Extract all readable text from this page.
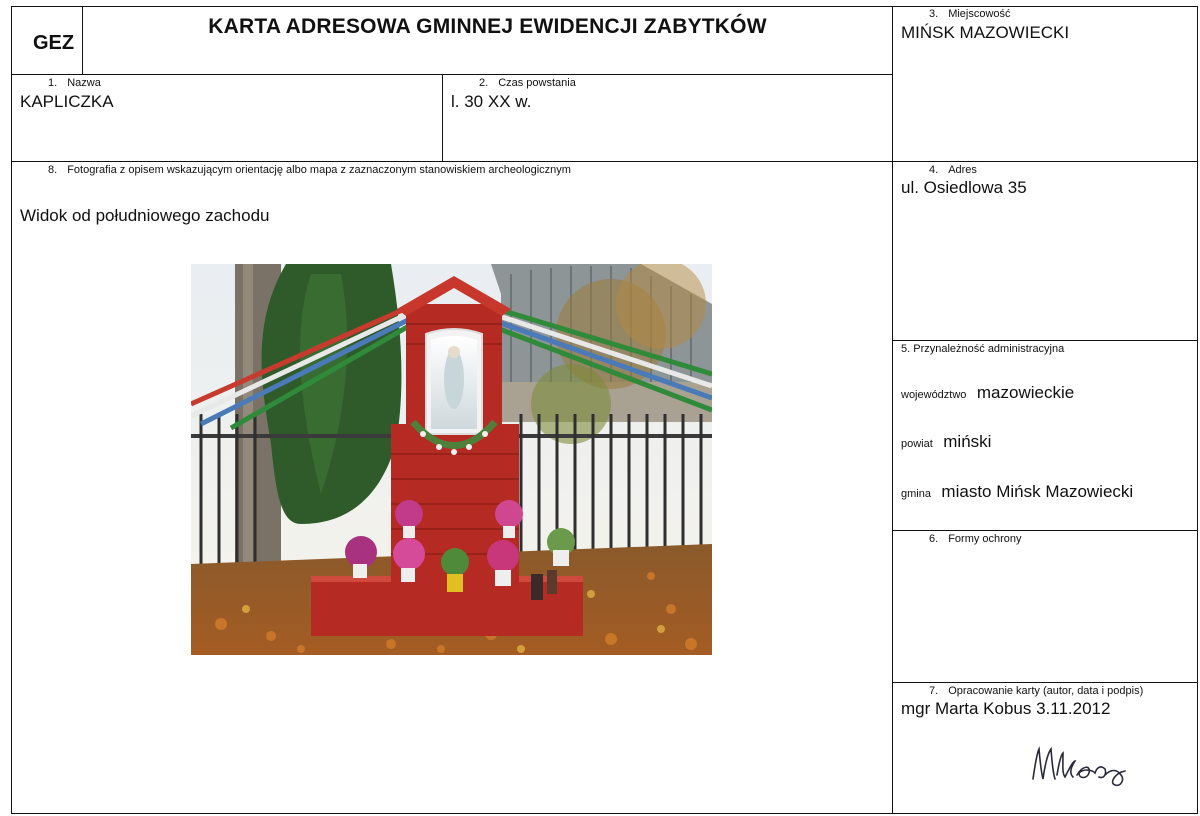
GEZ
KARTA ADRESOWA GMINNEJ EWIDENCJI ZABYTKÓW
3. Miejscowość
MIŃSK MAZOWIECKI
1. Nazwa
KAPLICZKA
2. Czas powstania
l. 30 XX w.
8. Fotografia z opisem wskazującym orientację albo mapa z zaznaczonym stanowiskiem archeologicznym
Widok od południowego zachodu
4. Adres
ul. Osiedlowa 35
5. Przynależność administracyjna
województwo mazowieckie
powiat miński
gmina miasto Mińsk Mazowiecki
6. Formy ochrony
7. Opracowanie karty (autor, data i podpis)
mgr Marta Kobus 3.11.2012
